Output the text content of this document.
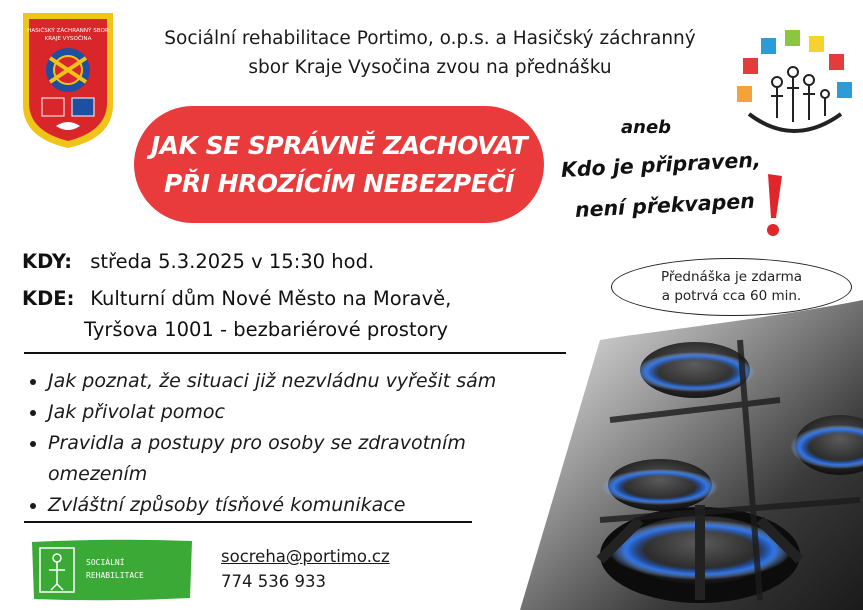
HASIČSKÝ ZÁCHRANNÝ SBOR
KRAJE VYSOČINA	Sociální rehabilitace Portimo, o.p.s. a Hasičský záchranný
sbor Kraje Vysočina zvou na přednášku
PORTIMO
JAK SE SPRÁVNĚ ZACHOVAT
PŘI HROZÍCÍM NEBEZPEČÍ
aneb
Kdo je připraven,
není překvapen
Přednáška je zdarma
a potrvá cca 60 min.
KDY: středa 5.3.2025 v 15:30 hod.
KDE: Kulturní dům Nové Město na Moravě,
Tyršova 1001 - bezbariérové prostory
Jak poznat, že situaci již nezvládnu vyřešit sám
Jak přivolat pomoc
Pravidla a postupy pro osoby se zdravotním omezením
Zvláštní způsoby tísňové komunikace
SOCIÁLNÍ
REHABILITACE
socreha@portimo.cz
774 536 933
